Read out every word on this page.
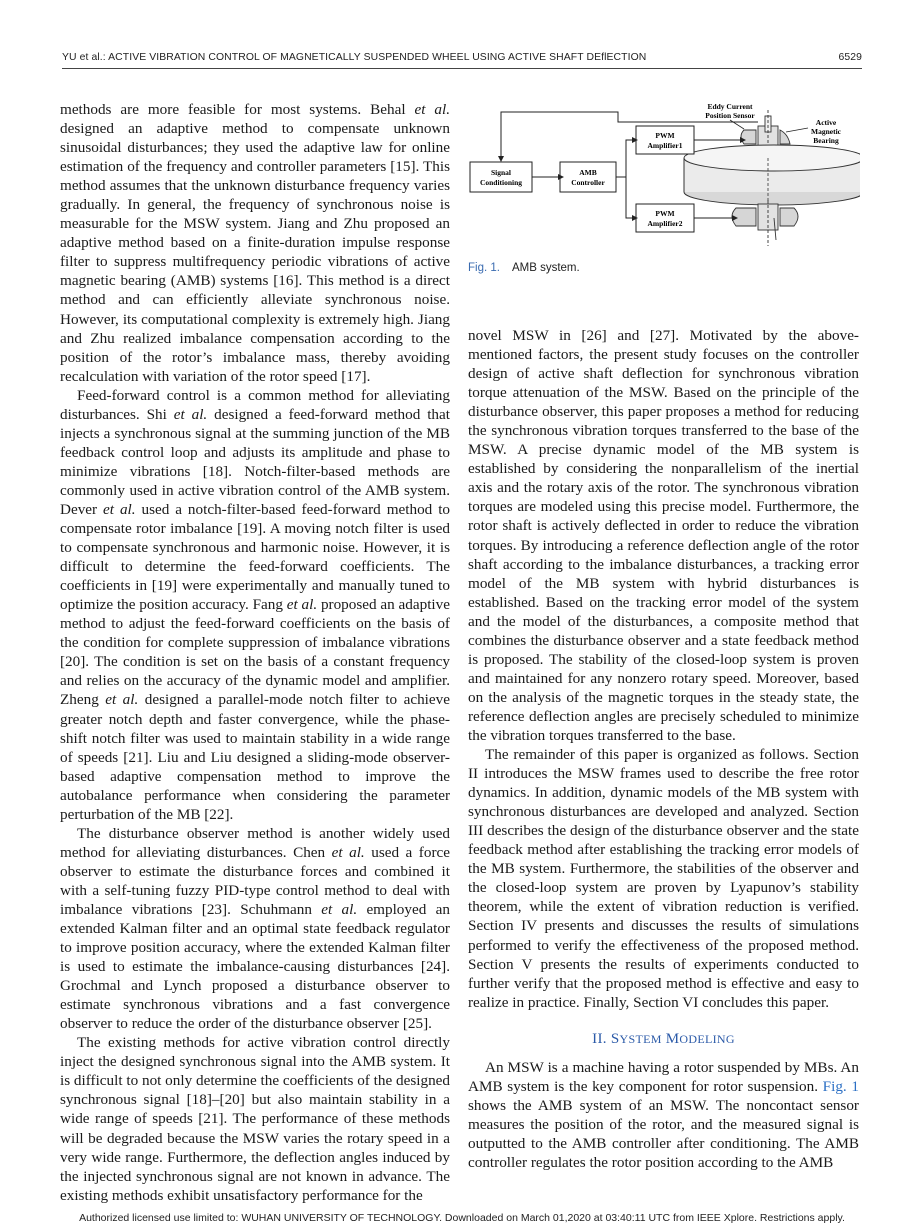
YU et al.: ACTIVE VIBRATION CONTROL OF MAGNETICALLY SUSPENDED WHEEL USING ACTIVE SHAFT DEflECTION	6529

methods are more feasible for most systems. Behal et al. designed an adaptive method to compensate unknown sinusoidal disturbances; they used the adaptive law for online estimation of the frequency and controller parameters [15]. This method assumes that the unknown disturbance frequency varies gradually. In general, the frequency of synchronous noise is measurable for the MSW system. Jiang and Zhu proposed an adaptive method based on a finite-duration impulse response filter to suppress multifrequency periodic vibrations of active magnetic bearing (AMB) systems [16]. This method is a direct method and can efficiently alleviate synchronous noise. However, its computational complexity is extremely high. Jiang and Zhu realized imbalance compensation according to the position of the rotor’s imbalance mass, thereby avoiding recalculation with variation of the rotor speed [17].

Feed-forward control is a common method for alleviating disturbances. Shi et al. designed a feed-forward method that injects a synchronous signal at the summing junction of the MB feedback control loop and adjusts its amplitude and phase to minimize vibrations [18]. Notch-filter-based methods are commonly used in active vibration control of the AMB system. Dever et al. used a notch-filter-based feed-forward method to compensate rotor imbalance [19]. A moving notch filter is used to compensate synchronous and harmonic noise. However, it is difficult to determine the feed-forward coefficients. The coefficients in [19] were experimentally and manually tuned to optimize the position accuracy. Fang et al. proposed an adaptive method to adjust the feed-forward coefficients on the basis of the condition for complete suppression of imbalance vibrations [20]. The condition is set on the basis of a constant frequency and relies on the accuracy of the dynamic model and amplifier. Zheng et al. designed a parallel-mode notch filter to achieve greater notch depth and faster convergence, while the phase-shift notch filter was used to maintain stability in a wide range of speeds [21]. Liu and Liu designed a sliding-mode observer-based adaptive compensation method to improve the autobalance performance when considering the parameter perturbation of the MB [22].

The disturbance observer method is another widely used method for alleviating disturbances. Chen et al. used a force observer to estimate the disturbance forces and combined it with a self-tuning fuzzy PID-type control method to deal with imbalance vibrations [23]. Schuhmann et al. employed an extended Kalman filter and an optimal state feedback regulator to improve position accuracy, where the extended Kalman filter is used to estimate the imbalance-causing disturbances [24]. Grochmal and Lynch proposed a disturbance observer to estimate synchronous vibrations and a fast convergence observer to reduce the order of the disturbance observer [25].

The existing methods for active vibration control directly inject the designed synchronous signal into the AMB system. It is difficult to not only determine the coefficients of the designed synchronous signal [18]–[20] but also maintain stability in a wide range of speeds [21]. The performance of these methods will be degraded because the MSW varies the rotary speed in a very wide range. Furthermore, the deflection angles induced by the injected synchronous signal are not known in advance. The existing methods exhibit unsatisfactory performance for the

Eddy Current
Position Sensor
Active
Magnetic
Bearing
Signal
Conditioning
AMB
Controller
PWM
Amplifier1
PWM
Amplifier2
Fig. 1. AMB system.

novel MSW in [26] and [27]. Motivated by the above-mentioned factors, the present study focuses on the controller design of active shaft deflection for synchronous vibration torque attenuation of the MSW. Based on the principle of the disturbance observer, this paper proposes a method for reducing the synchronous vibration torques transferred to the base of the MSW. A precise dynamic model of the MB system is established by considering the nonparallelism of the inertial axis and the rotary axis of the rotor. The synchronous vibration torques are modeled using this precise model. Furthermore, the rotor shaft is actively deflected in order to reduce the vibration torques. By introducing a reference deflection angle of the rotor shaft according to the imbalance disturbances, a tracking error model of the MB system with hybrid disturbances is established. Based on the tracking error model of the system and the model of the disturbances, a composite method that combines the disturbance observer and a state feedback method is proposed. The stability of the closed-loop system is proven and maintained for any nonzero rotary speed. Moreover, based on the analysis of the magnetic torques in the steady state, the reference deflection angles are precisely scheduled to minimize the vibration torques transferred to the base.

The remainder of this paper is organized as follows. Section II introduces the MSW frames used to describe the free rotor dynamics. In addition, dynamic models of the MB system with synchronous disturbances are developed and analyzed. Section III describes the design of the disturbance observer and the state feedback method after establishing the tracking error models of the MB system. Furthermore, the stabilities of the observer and the closed-loop system are proven by Lyapunov’s stability theorem, while the extent of vibration reduction is verified. Section IV presents and discusses the results of simulations performed to verify the effectiveness of the proposed method. Section V presents the results of experiments conducted to further verify that the proposed method is effective and easy to realize in practice. Finally, Section VI concludes this paper.

II. SYSTEM MODELING

An MSW is a machine having a rotor suspended by MBs. An AMB system is the key component for rotor suspension. Fig. 1 shows the AMB system of an MSW. The noncontact sensor measures the position of the rotor, and the measured signal is outputted to the AMB controller after conditioning. The AMB controller regulates the rotor position according to the AMB

Authorized licensed use limited to: WUHAN UNIVERSITY OF TECHNOLOGY. Downloaded on March 01,2020 at 03:40:11 UTC from IEEE Xplore. Restrictions apply.
